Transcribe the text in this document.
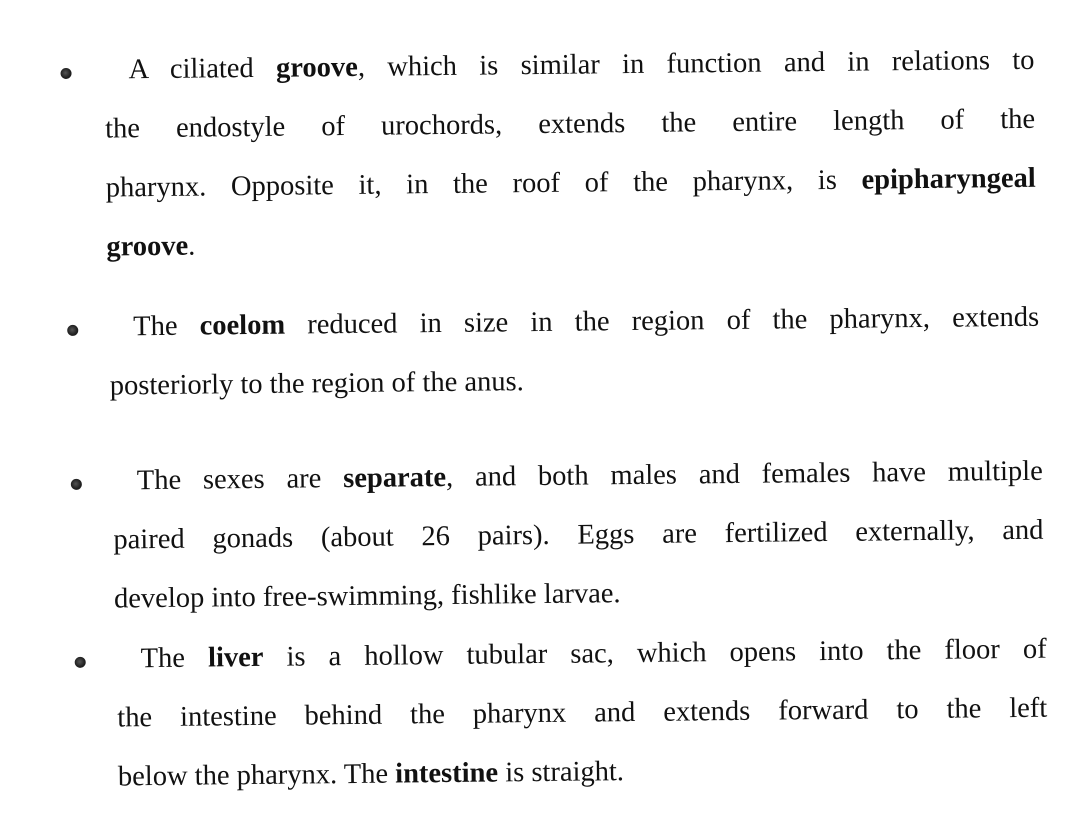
A ciliated groove, which is similar in function and in relations to
the endostyle of urochords, extends the entire length of the
pharynx. Opposite it, in the roof of the pharynx, is epipharyngeal
groove.

The coelom reduced in size in the region of the pharynx, extends
posteriorly to the region of the anus.

The sexes are separate, and both males and females have multiple
paired gonads (about 26 pairs). Eggs are fertilized externally, and
develop into free-swimming, fishlike larvae.

The liver is a hollow tubular sac, which opens into the floor of
the intestine behind the pharynx and extends forward to the left
below the pharynx. The intestine is straight.
